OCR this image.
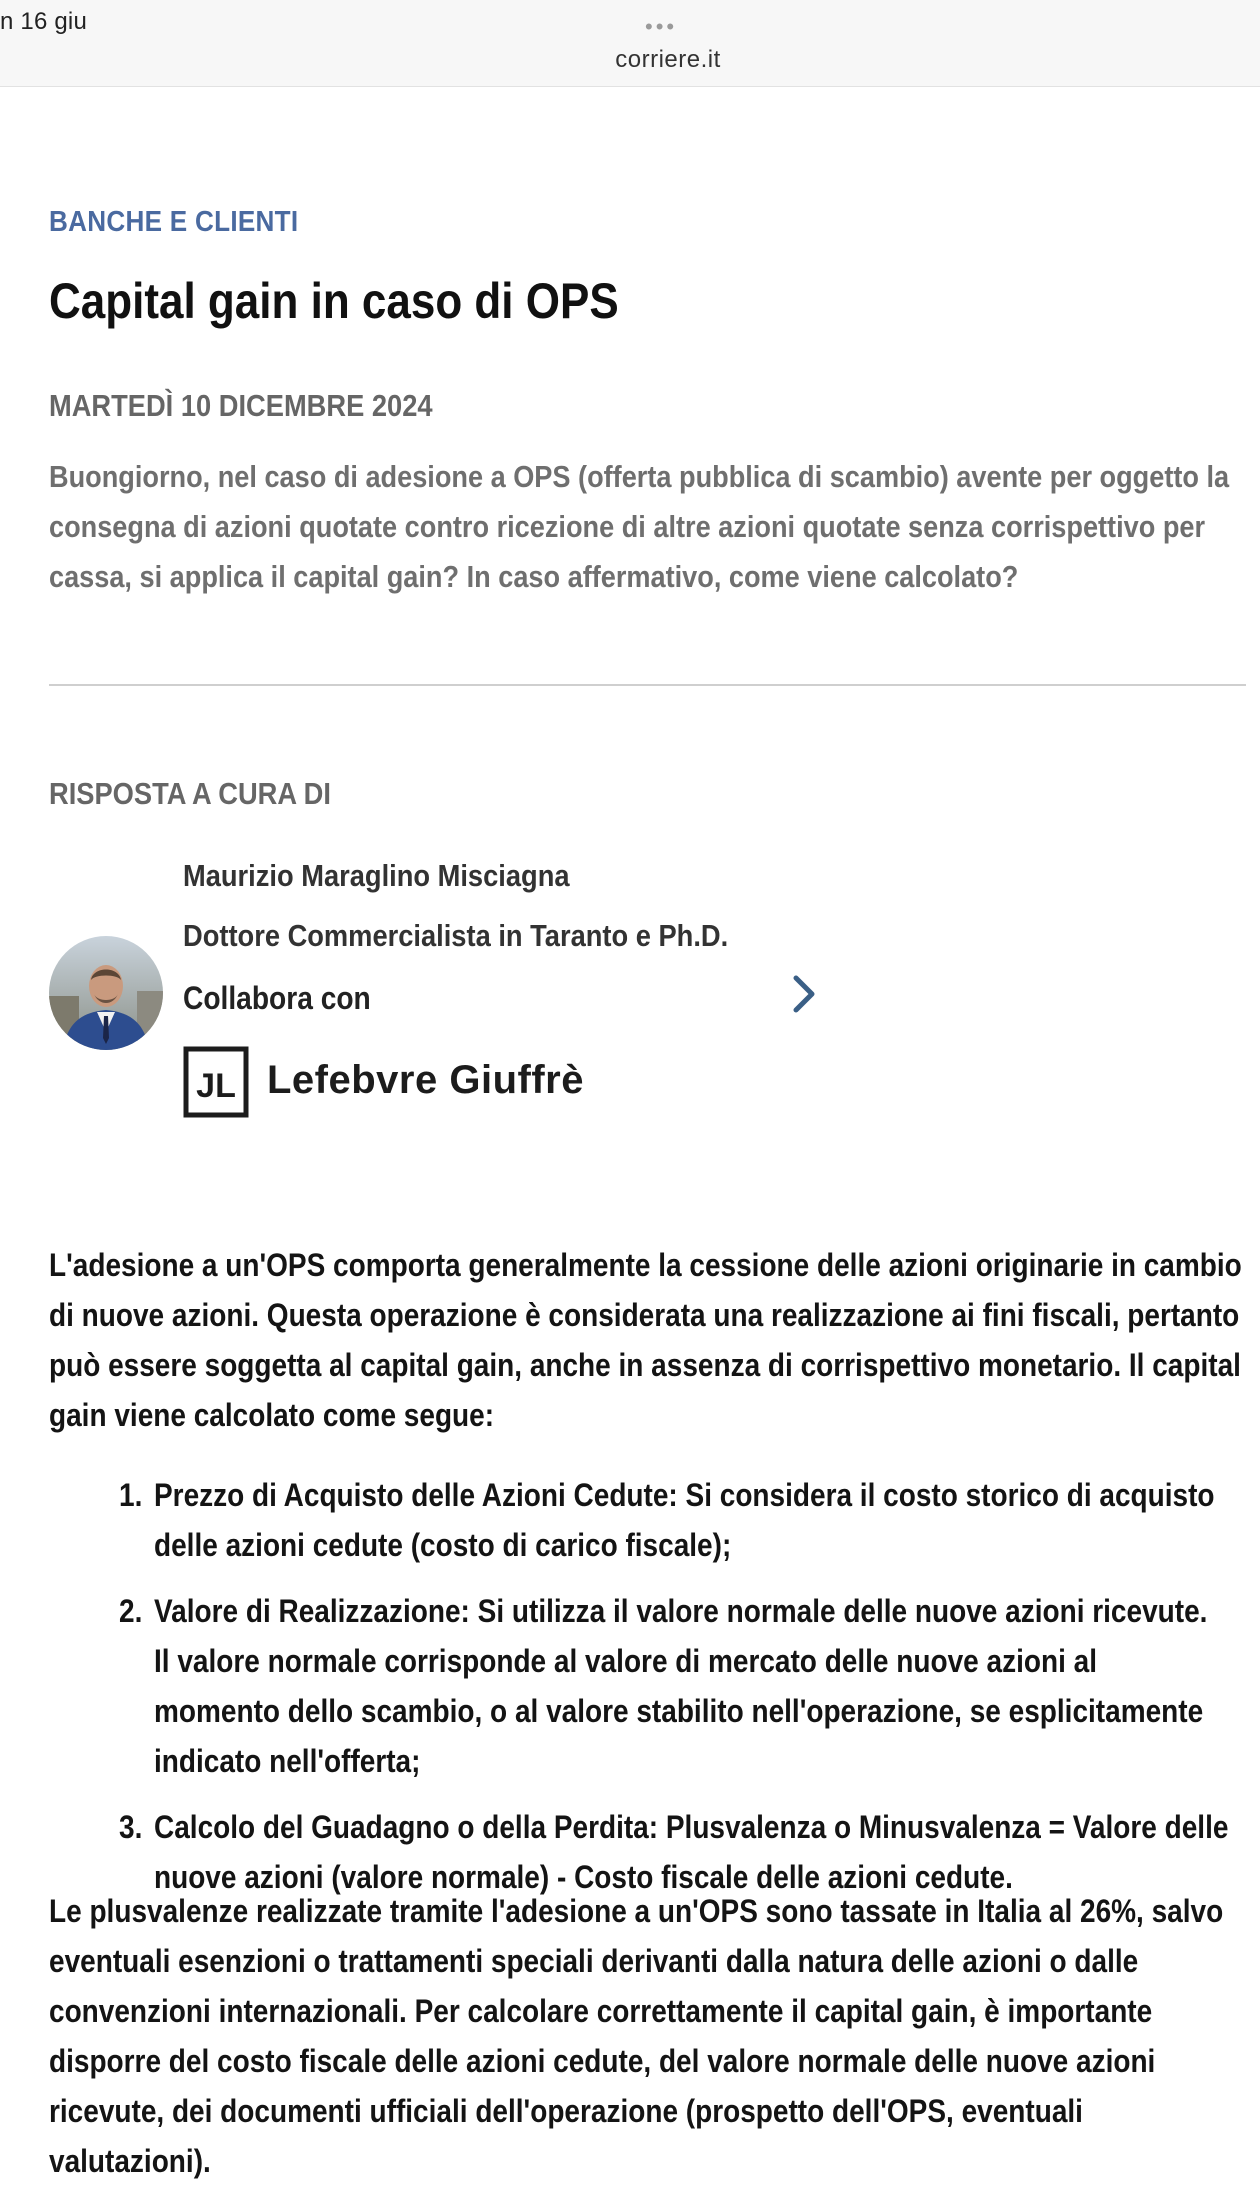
n 16 giu	•••
corriere.it
BANCHE E CLIENTI
Capital gain in caso di OPS
MARTEDÌ 10 DICEMBRE 2024
Buongiorno, nel caso di adesione a OPS (offerta pubblica di scambio) avente per oggetto la consegna di azioni quotate contro ricezione di altre azioni quotate senza corrispettivo per cassa, si applica il capital gain? In caso affermativo, come viene calcolato?
RISPOSTA A CURA DI
Maurizio Maraglino Misciagna
Dottore Commercialista in Taranto e Ph.D.
Collabora con
JL Lefebvre Giuffrè
L'adesione a un'OPS comporta generalmente la cessione delle azioni originarie in cambio di nuove azioni. Questa operazione è considerata una realizzazione ai fini fiscali, pertanto può essere soggetta al capital gain, anche in assenza di corrispettivo monetario. Il capital gain viene calcolato come segue:
1. Prezzo di Acquisto delle Azioni Cedute: Si considera il costo storico di acquisto delle azioni cedute (costo di carico fiscale);
2. Valore di Realizzazione: Si utilizza il valore normale delle nuove azioni ricevute. Il valore normale corrisponde al valore di mercato delle nuove azioni al momento dello scambio, o al valore stabilito nell'operazione, se esplicitamente indicato nell'offerta;
3. Calcolo del Guadagno o della Perdita: Plusvalenza o Minusvalenza = Valore delle nuove azioni (valore normale) - Costo fiscale delle azioni cedute.
Le plusvalenze realizzate tramite l'adesione a un'OPS sono tassate in Italia al 26%, salvo eventuali esenzioni o trattamenti speciali derivanti dalla natura delle azioni o dalle convenzioni internazionali. Per calcolare correttamente il capital gain, è importante disporre del costo fiscale delle azioni cedute, del valore normale delle nuove azioni ricevute, dei documenti ufficiali dell'operazione (prospetto dell'OPS, eventuali valutazioni).
